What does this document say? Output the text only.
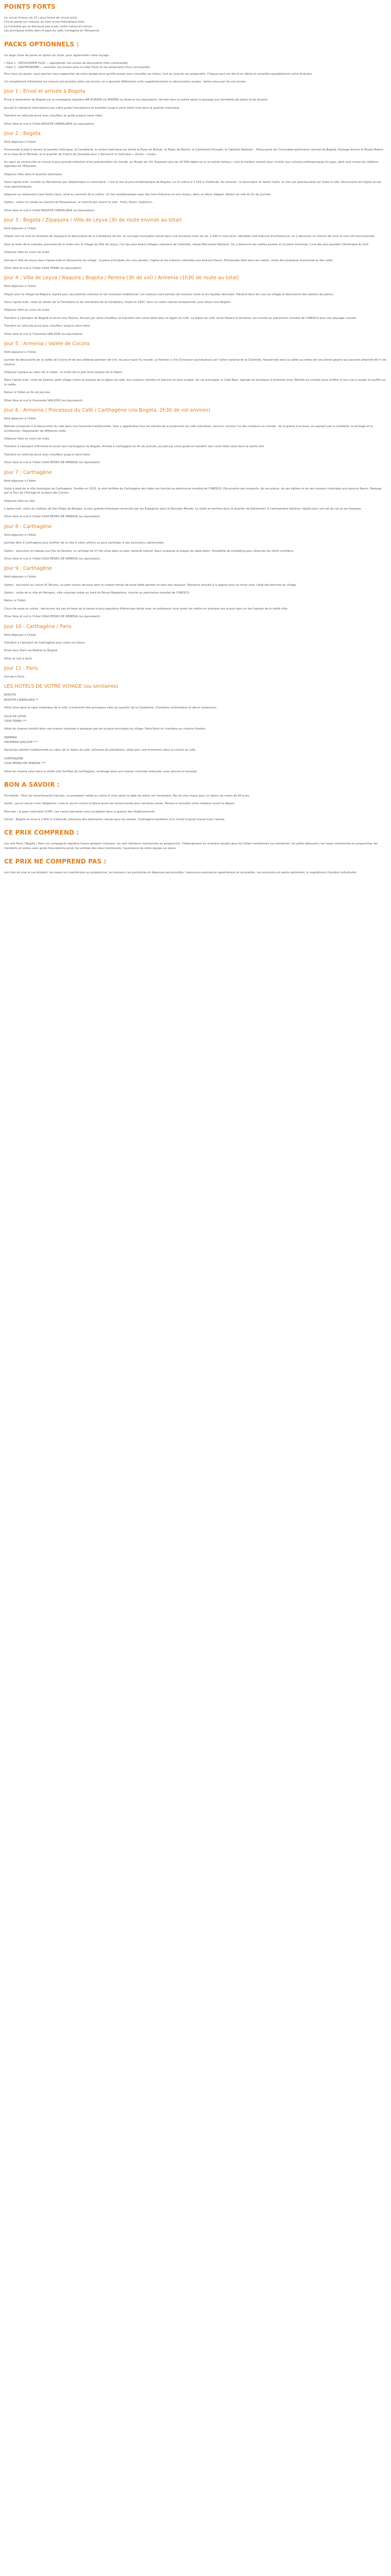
POINTS FORTS

Un circuit Unesco de 15 j sous forme de circuit privé.

Circuit pensé sur mesure, au nom d'une thématique forte.

La Colombie qui se découvre pas à pas, entre nature et culture.

Les principaux arrêts dans le pays du café, Cartagena et l'Amazonie.

PACKS OPTIONNELS :

Un large choix de packs en option au choix, pour agrémenter votre voyage :

• Pack 1 : DÉCOUVERTE PLUS — approfondir vos envies de découverte (hors commande)

• Pack 2 : GASTRONOMIE — savourer vos envies avec la Lokal Diner et les restaurants (hors commande)

Pour tous ces packs, vous pourrez vous rapprocher de notre équipe pour qu'elle puisse vous conseiller au mieux, tout au long de vos préparatifs. Chaque pack est décrit en détail et complète agréablement votre itinéraire.

Un complément d'itinéraire sur mesure est possible selon vos envies, en y ajoutant différentes nuits supplémentaires ou découvertes locales : faites-nous part de vos envies.

Jour 1 : Envol et arrivée à Bogota

Envol à destination de Bogota sur la compagnie régulière AIR EUROPA via MADRID ou Avianca (ou équivalent). Arrivée dans la soirée après le passage aux formalités de police et de douane.

Accueil à l'aéroport international par votre guide francophone et transfert jusqu'à votre hôtel situé dans le quartier historique.

Transfert en véhicule privé avec chauffeur et guide jusqu'à votre hôtel.

Dîner libre et nuit à l'hôtel BOGOTÁ CANDELARIA (ou équivalent).

Jour 2 : Bogota

Petit-déjeuner à l'hôtel.

Promenade à pied à travers le quartier historique, la Candelaria, le centre historique qui abrite la Plaza de Bolivar, le Palais de Nariño, la Cathédrale Primada, le Capitolio National... Découverte de l'incroyable patrimoine colonial de Bogotá. Passage devant le Musée Botero et la Casa de la Moneda, et le quartier de Chorro de Quevedo pour y découvrir la mythique « chicha » locale...

Au cœur du centre-ville se trouve la plus grande collection d'art précolombien du monde, au Musée de l'Or. Exposant plus de 34 000 objets en or et autres métaux, c'est le meilleur endroit pour s'initier aux cultures préhispaniques du pays, dont sont issues les célèbres légendes de l'Eldorado.

Déjeuner libre dans le quartier historique.

Dans l'après-midi, montée au Monserrate par téléphérique ou funiculaire : c'est le lieu le plus emblématique de Bogotá, sur la colline à 3 150 m d'altitude. Au sommet : le Sanctuaire du Señor Caído, et une vue spectaculaire sur toute la ville. Découverte de l'église et ses vues panoramiques.

Déjeuner au restaurant Casa Santa Clara, situé au sommet de la colline. Un lieu emblématique avec des hors-d'œuvres et vins locaux, dans un décor élégant. Retour en ville en fin de journée.

Option : retour en soirée au marché de Paloquemao, le marché qui nourrit la ville : fruits, fleurs, traditions...

Dîner libre et nuit à l'hôtel BOGOTÁ CANDELARIA (ou équivalent).

Jour 3 : Bogota / Zipaquira / Villa de Leyva (3h de route environ au total)

Petit-déjeuner à l'hôtel.

Départ vers le nord en direction de Zipaquirá et découverte de la Cathédrale de Sel, un ouvrage incroyable creusé dans une ancienne mine de sel, à 180 m sous terre. Véritable chef-d'œuvre d'architecture, on y découvre un chemin de croix et une nef monumentale.

Avec le reste de la matinée, poursuite de la route vers le village de Villa de Leyva, l'un des plus beaux villages coloniaux de Colombie, classé Monument National. On y découvre ses ruelles pavées et sa place immense, l'une des plus grandes d'Amérique du Sud.

Déjeuner libre en cours de route.

Arrivée à Villa de Leyva dans l'après-midi et découverte du village : la place principale, les rues pavées, l'église et les maisons coloniales aux balcons fleuris. Promenade libre dans les ruelles, visite des boutiques d'artisanat et des cafés.

Dîner libre et nuit à l'hôtel CASA TERRA (ou équivalent).

Jour 4 : Villa de Leyva / Raquira / Bogota / Pereira (3h de vol) / Armenia (1h30 de route au total)

Petit-déjeuner à l'hôtel.

Départ pour le village de Ráquira, réputé pour ses poteries colorées et son artisanat traditionnel. Les maisons sont peintes de couleurs vives et les façades décorées. Flânerie dans les rues du village et découverte des ateliers de potiers.

Dans l'après-midi, visite du désert de la Candelaria et du monastère de la Candelaria, fondé en 1597, dans un cadre naturel exceptionnel, puis retour vers Bogotá.

Déjeuner libre en cours de route.

Transfert à l'aéroport de Bogotá et envol vers Pereira. Accueil par votre chauffeur et transfert vers votre hôtel dans la région du café. La région du café, entre Pereira et Armenia, est inscrite au patrimoine mondial de l'UNESCO pour son paysage culturel.

Transfert en véhicule privé avec chauffeur jusqu'à votre hôtel.

Dîner libre et nuit à l'hacienda SAN JOSE (ou équivalent).

Jour 5 : Armenia / Vallée de Cocora

Petit-déjeuner à l'hôtel.

Journée de découverte de la vallée de Cocora et de ses célèbres palmiers de cire, les plus hauts du monde. Le Palmier à cire (Ceroxylon quindiuense) est l'arbre national de la Colombie. Randonnée dans la vallée au milieu de ces arbres géants qui peuvent atteindre 60 m de hauteur.

Déjeuner typique au cœur de la vallée : la truite est le plat local typique de la région.

Dans l'après-midi, visite de Salento, petit village coloré et typique de la région du café, aux maisons colorées et balcons en bois sculpté. Sa rue principale, la Calle Real, regorge de boutiques d'artisanat local. Montée au mirador pour profiter d'une vue à couper le souffle sur la vallée.

Retour à l'hôtel en fin de journée.

Dîner libre et nuit à l'hacienda SAN JOSE (ou équivalent).

Jour 6 : Armenia / Processus du Café / Carthagène (via Bogota, 2h30 de vol environ)

Petit-déjeuner à l'hôtel.

Matinée consacrée à la découverte du café dans une hacienda traditionnelle. Vous y apprendrez tous les secrets de la production du café colombien, reconnu comme l'un des meilleurs au monde : de la graine à la tasse, en passant par la cueillette, le séchage et la torréfaction. Dégustation de différents cafés.

Déjeuner libre en cours de route.

Transfert à l'aéroport d'Armenia et envol vers Carthagène via Bogotá. Arrivée à Carthagène en fin de journée, accueil par votre guide et transfert vers votre hôtel situé dans la vieille ville.

Transfert en véhicule privé avec chauffeur jusqu'à votre hôtel.

Dîner libre et nuit à l'hôtel CASA PEDRO DE HEREDIA (ou équivalent).

Jour 7 : Carthagène

Petit-déjeuner à l'hôtel.

Visite à pied de la ville historique de Carthagène. Fondée en 1533, la ville fortifiée de Carthagène des Indes est inscrite au patrimoine mondial de l'UNESCO. Découverte des remparts, de ses places, de ses églises et de ses maisons coloniales aux balcons fleuris. Passage par la Tour de l'Horloge et la place des Coches.

Déjeuner libre en ville.

L'après-midi, visite du château de San Felipe de Barajas, la plus grande forteresse construite par les Espagnols dans le Nouveau Monde. La visite se termine dans le quartier de Getsemaní, à l'atmosphère bohème, réputé pour son art de rue et ses fresques.

Dîner libre et nuit à l'hôtel CASA PEDRO DE HEREDIA (ou équivalent).

Jour 8 : Carthagène

Petit-déjeuner à l'hôtel.

Journée libre à Carthagène pour profiter de la ville à votre rythme ou pour participer à des excursions optionnelles.

Option : excursion en bateau aux Îles du Rosaire, un archipel de 27 îles situé dans un parc national naturel. Eaux turquoise et plages de sable blanc. Possibilité de snorkeling pour observer les récifs coralliens.

Dîner libre et nuit à l'hôtel CASA PEDRO DE HEREDIA (ou équivalent).

Jour 9 : Carthagène

Petit-déjeuner à l'hôtel.

Option : excursion au volcan El Totumo, un petit volcan de boue dont le cratère rempli de boue tiède permet un bain très relaxant. Descente ensuite à la lagune pour se rincer avec l'aide des femmes du village.

Option : visite de la ville de Mompox, ville coloniale isolée au bord du fleuve Magdalena, inscrite au patrimoine mondial de l'UNESCO.

Retour à l'hôtel.

Cours de salsa en soirée : découvrez les pas de base de la danse la plus populaire d'Amérique latine avec un professeur local avant de mettre en pratique vos acquis dans un bar typique de la vieille ville.

Dîner libre et nuit à l'hôtel CASA PEDRO DE HEREDIA (ou équivalent).

Jour 10 : Carthagène / Paris

Petit-déjeuner à l'hôtel.

Transfert à l'aéroport de Carthagène pour votre vol retour.

Envol pour Paris via Madrid ou Bogotá.

Dîner et nuit à bord.

Jour 11 : Paris

Arrivée à Paris.

LES HOTELS DE VOTRE VOYAGE (ou similaires)

BOGOTA

BOGOTÁ CANDELARIA **

Hôtel situé dans le cœur historique de la ville, à proximité des principaux sites du quartier de la Candelaria. Chambres confortables et décor chaleureux.

VILLA DE LEYVA

CASA TERRA ***

Hôtel de charme installé dans une maison coloniale à quelques pas de la place principale du village. Patio fleuri et chambres au charme d'antan.

ARMENIA

HACIENDA SAN JOSE ***

Hacienda caféière traditionnelle au cœur de la région du café, entourée de plantations. Idéal pour une immersion dans la culture du café.

CARTHAGENE

CASA PEDRO DE HEREDIA ***

Hôtel de charme situé dans la vieille ville fortifiée de Carthagène, aménagé dans une maison coloniale restaurée, avec piscine et terrasse.

BON A SAVOIR :

Formalités : Pour les ressortissants français, un passeport valide au moins 6 mois après la date de retour est nécessaire. Pas de visa requis pour un séjour de moins de 90 jours.

Santé : aucun vaccin n'est obligatoire, mais le vaccin contre la fièvre jaune est recommandé pour certaines zones. Pensez à consulter votre médecin avant le départ.

Monnaie : le peso colombien (COP). Les cartes bancaires sont acceptées dans la plupart des établissements.

Climat : Bogotá se situe à 2 600 m d'altitude, prévoyez des vêtements chauds pour les soirées. Carthagène bénéficie d'un climat tropical chaud toute l'année.

CE PRIX COMPREND :

Les vols Paris / Bogotá / Paris sur compagnie régulière (taxes aéroport incluses), les vols intérieurs mentionnés au programme, l'hébergement en chambre double dans les hôtels mentionnés (ou similaires), les petits-déjeuners, les repas mentionnés au programme, les transferts et visites avec guide francophone privé, les entrées des sites mentionnés, l'assistance de notre équipe sur place.

CE PRIX NE COMPREND PAS :

Les frais de visa le cas échéant, les repas non mentionnés au programme, les boissons, les pourboires et dépenses personnelles, l'assurance assistance-rapatriement et annulation, les excursions et packs optionnels, le supplément chambre individuelle.
